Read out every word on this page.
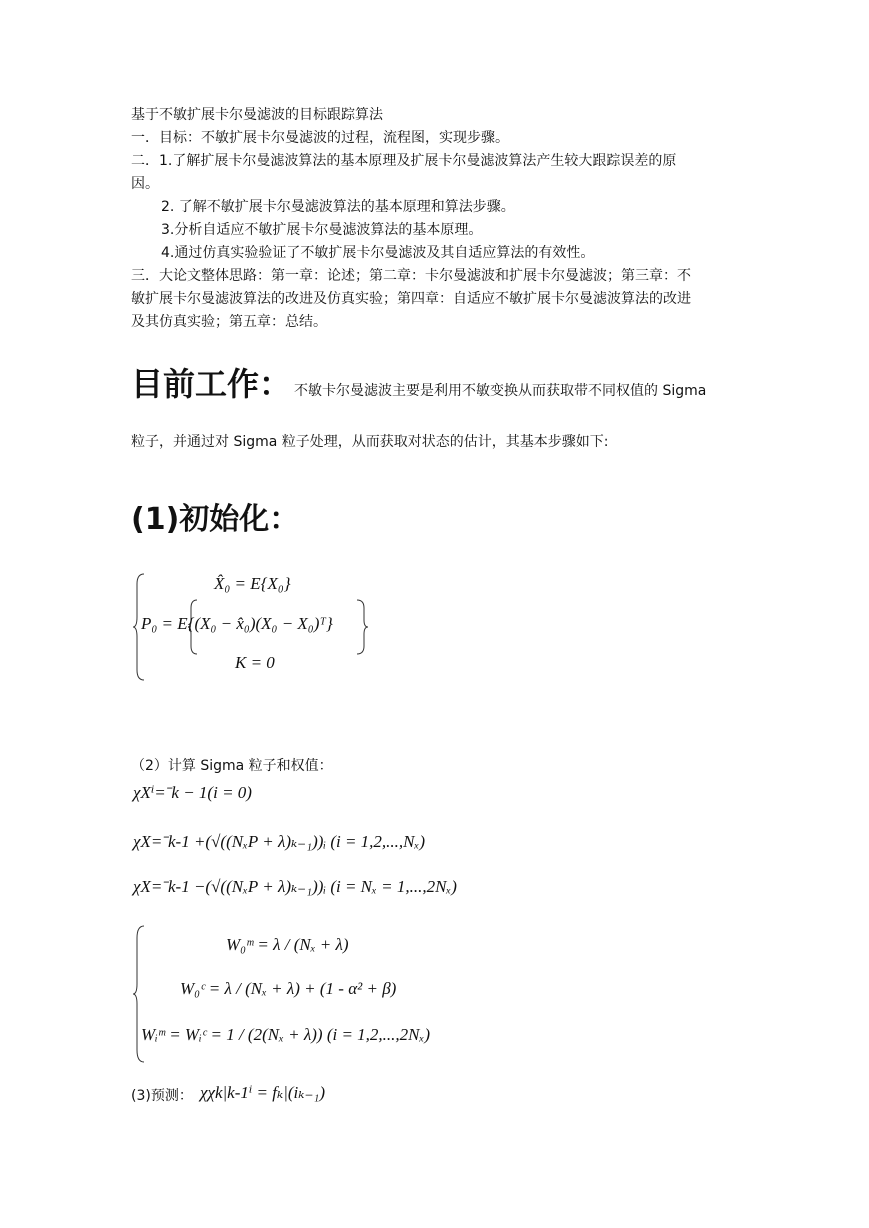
基于不敏扩展卡尔曼滤波的目标跟踪算法
一．目标：不敏扩展卡尔曼滤波的过程，流程图，实现步骤。
二．1.了解扩展卡尔曼滤波算法的基本原理及扩展卡尔曼滤波算法产生较大跟踪误差的原
因。
2. 了解不敏扩展卡尔曼滤波算法的基本原理和算法步骤。
3.分析自适应不敏扩展卡尔曼滤波算法的基本原理。
4.通过仿真实验验证了不敏扩展卡尔曼滤波及其自适应算法的有效性。
三．大论文整体思路：第一章：论述；第二章：卡尔曼滤波和扩展卡尔曼滤波；第三章：不
敏扩展卡尔曼滤波算法的改进及仿真实验；第四章：自适应不敏扩展卡尔曼滤波算法的改进
及其仿真实验；第五章：总结。
目前工作： 不敏卡尔曼滤波主要是利用不敏变换从而获取带不同权值的 Sigma
粒子，并通过对 Sigma 粒子处理，从而获取对状态的估计，其基本步骤如下:
(1)初始化：
X̂₀ = E{X₀}
P₀ = E{(X₀ − x̂₀)(X₀ − X₀)ᵀ}
K = 0
（2）计算 Sigma 粒子和权值：
χXⁱ=ˉk − 1(i = 0)
χX=ˉk-1 +(√((NₓP + λ)ₖ₋₁))ᵢ (i = 1,2,...,Nₓ)
χX=ˉk-1 −(√((NₓP + λ)ₖ₋₁))ᵢ (i = Nₓ = 1,...,2Nₓ)
W₀ᵐ = λ / (Nₓ + λ)
W₀ᶜ = λ / (Nₓ + λ) + (1 - α² + β)
Wᵢᵐ = Wᵢᶜ = 1 / (2(Nₓ + λ)) (i = 1,2,...,2Nₓ)
(3)预测： χχk|k-1ⁱ = fₖ|(iₖ₋₁)
